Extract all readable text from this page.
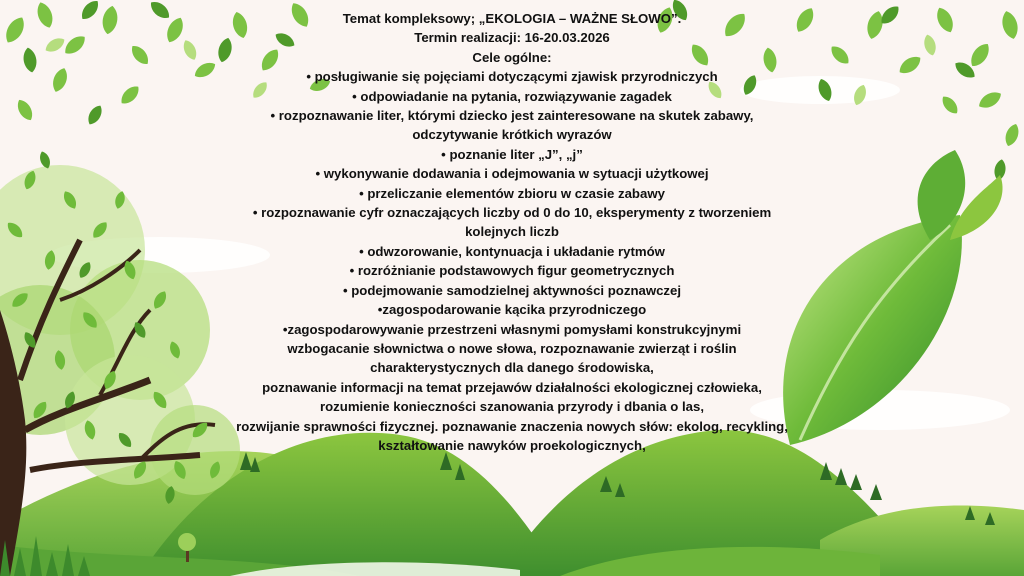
Temat kompleksowy; „EKOLOGIA – WAŻNE SŁOWO”.
Termin realizacji: 16-20.03.2026
Cele ogólne:
• posługiwanie się pojęciami dotyczącymi zjawisk przyrodniczych
• odpowiadanie na pytania, rozwiązywanie zagadek
• rozpoznawanie liter, którymi dziecko jest zainteresowane na skutek zabawy,
odczytywanie krótkich wyrazów
• poznanie liter „J”, „j”
• wykonywanie dodawania i odejmowania w sytuacji użytkowej
• przeliczanie elementów zbioru w czasie zabawy
• rozpoznawanie cyfr oznaczających liczby od 0 do 10, eksperymenty z tworzeniem
kolejnych liczb
• odwzorowanie, kontynuacja i układanie rytmów
• rozróżnianie podstawowych figur geometrycznych
• podejmowanie samodzielnej aktywności poznawczej
•zagospodarowanie kącika przyrodniczego
•zagospodarowywanie przestrzeni własnymi pomysłami konstrukcyjnymi
wzbogacanie słownictwa o nowe słowa, rozpoznawanie zwierząt i roślin
charakterystycznych dla danego środowiska,
poznawanie informacji na temat przejawów działalności ekologicznej człowieka,
rozumienie konieczności szanowania przyrody i dbania o las,
rozwijanie sprawności fizycznej. poznawanie znaczenia nowych słów: ekolog, recykling,
kształtowanie nawyków proekologicznych,
